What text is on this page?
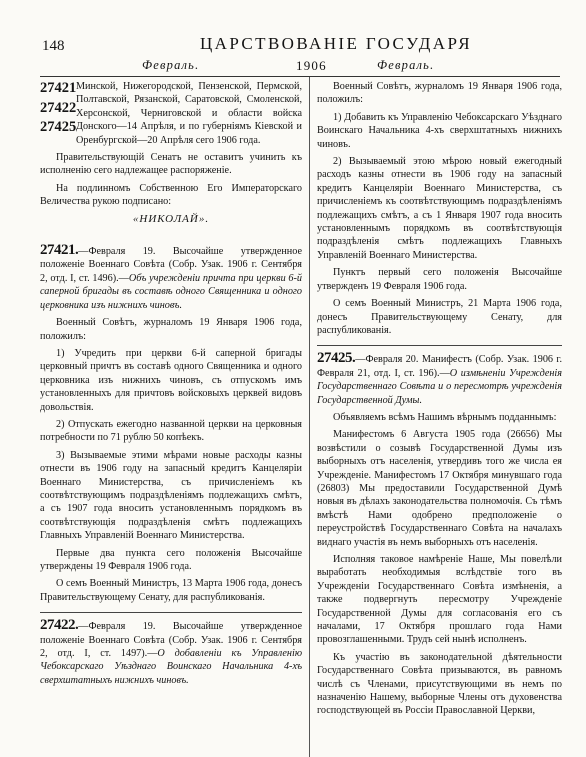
148	ЦАРСТВОВАНІЕ ГОСУДАРЯ
Февраль.	1906	Февраль.
27421
27422
27425

Минской, Нижегородской, Пензенской, Пермской, Полтавской, Рязанской, Саратовской, Смоленской, Херсонской, Черниговской и области войска Донского—14 Апрѣля, и по губерніямъ Кіевской и Оренбургской—20 Апрѣля сего 1906 года.

Правительствующій Сенатъ не оставитъ учинить къ исполненію сего надлежащее распоряженіе.

На подлинномъ Собственною Его Императорскаго Величества рукою подписано:

«НИКОЛАЙ».

27421.—Февраля 19. Высочайше утвержденное положеніе Военнаго Совѣта (Собр. Узак. 1906 г. Сентября 2, отд. I, ст. 1496).—Объ учрежденіи причта при церкви 6-й саперной бригады въ составѣ одного Священника и одного церковника изъ нижнихъ чиновъ.

Военный Совѣтъ, журналомъ 19 Января 1906 года, положилъ:

1) Учредить при церкви 6-й саперной бригады церковный причтъ въ составѣ одного Священника и одного церковника изъ нижнихъ чиновъ, съ отпускомъ имъ установленныхъ для причтовъ войсковыхъ церквей видовъ довольствія.

2) Отпускать ежегодно названной церкви на церковныя потребности по 71 рублю 50 копѣекъ.

3) Вызываемые этими мѣрами новые расходы казны отнести въ 1906 году на запасный кредитъ Канцеляріи Военнаго Министерства, съ причисленіемъ къ соотвѣтствующимъ подраздѣленіямъ подлежащихъ смѣтъ, а съ 1907 года вносить установленнымъ порядкомъ въ соотвѣтствующія подраздѣленія смѣтъ подлежащихъ Главныхъ Управленій Военнаго Министерства.

Первые два пункта сего положенія Высочайше утверждены 19 Февраля 1906 года.

О семъ Военный Министръ, 13 Марта 1906 года, донесъ Правительствующему Сенату, для распубликованія.

27422.—Февраля 19. Высочайше утвержденное положеніе Военнаго Совѣта (Собр. Узак. 1906 г. Сентября 2, отд. I, ст. 1497).—О добавленіи къ Управленію Чебоксарскаго Уѣзднаго Воинскаго Начальника 4-хъ сверхштатныхъ нижнихъ чиновъ.

Военный Совѣтъ, журналомъ 19 Января 1906 года, положилъ:

1) Добавить къ Управленію Чебоксарскаго Уѣзднаго Воинскаго Начальника 4-хъ сверхштатныхъ нижнихъ чиновъ.

2) Вызываемый этою мѣрою новый ежегодный расходъ казны отнести въ 1906 году на запасный кредитъ Канцеляріи Военнаго Министерства, съ причисленіемъ къ соотвѣтствующимъ подраздѣленіямъ подлежащихъ смѣтъ, а съ 1 Января 1907 года вносить установленнымъ порядкомъ въ соотвѣтствующія подраздѣленія смѣтъ подлежащихъ Главныхъ Управленій Военнаго Министерства.

Пунктъ первый сего положенія Высочайше утвержденъ 19 Февраля 1906 года.

О семъ Военный Министръ, 21 Марта 1906 года, донесъ Правительствующему Сенату, для распубликованія.

27425.—Февраля 20. Манифестъ (Собр. Узак. 1906 г. Февраля 21, отд. I, ст. 196).—О измѣненіи Учрежденія Государственнаго Совѣта и о пересмотрѣ учрежденія Государственной Думы.

Объявляемъ всѣмъ Нашимъ вѣрнымъ подданнымъ:

Манифестомъ 6 Августа 1905 года (26656) Мы возвѣстили о созывѣ Государственной Думы изъ выборныхъ отъ населенія, утвердивъ того же числа ея Учрежденіе. Манифестомъ 17 Октября минувшаго года (26803) Мы предоставили Государственной Думѣ новыя въ дѣлахъ законодательства полномочія. Съ тѣмъ вмѣстѣ Нами одобрено предположеніе о переустройствѣ Государственнаго Совѣта на началахъ виднаго участія въ немъ выборныхъ отъ населенія.

Исполняя таковое намѣреніе Наше, Мы повелѣли выработать необходимыя вслѣдствіе того въ Учрежденіи Государственнаго Совѣта измѣненія, а также подвергнуть пересмотру Учрежденіе Государственной Думы для согласованія его съ началами, 17 Октября прошлаго года Нами провозглашенными. Трудъ сей нынѣ исполненъ.

Къ участію въ законодательной дѣятельности Государственнаго Совѣта призываются, въ равномъ числѣ съ Членами, присутствующими въ немъ по назначенію Нашему, выборные Члены отъ духовенства господствующей въ Россіи Православной Церкви,
